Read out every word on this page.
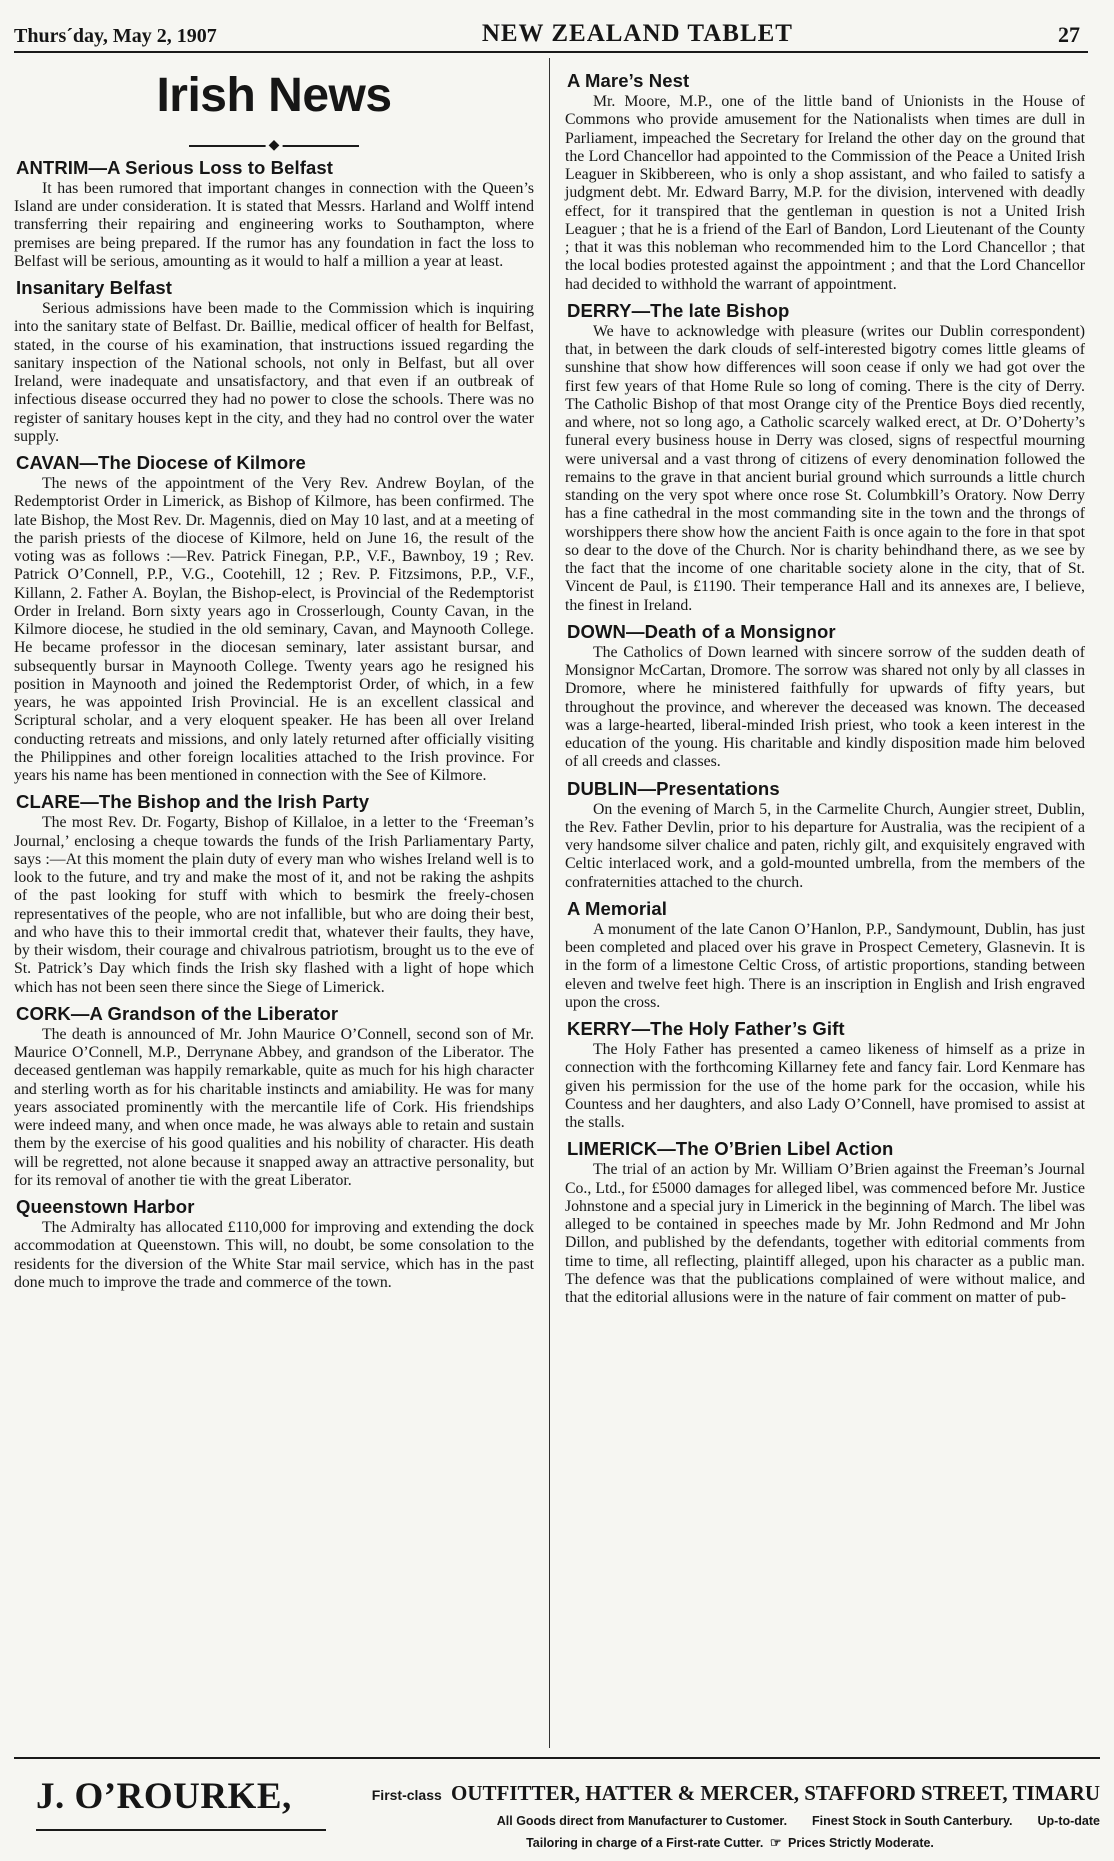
Thurs´day, May 2, 1907	NEW ZEALAND TABLET	27
Irish News
◆
ANTRIM—A Serious Loss to Belfast

It has been rumored that important changes in connection with the Queen’s Island are under consideration. It is stated that Messrs. Harland and Wolff intend transferring their repairing and engineering works to Southampton, where premises are being prepared. If the rumor has any foundation in fact the loss to Belfast will be serious, amounting as it would to half a million a year at least.

Insanitary Belfast

Serious admissions have been made to the Commission which is inquiring into the sanitary state of Belfast. Dr. Baillie, medical officer of health for Belfast, stated, in the course of his examination, that instructions issued regarding the sanitary inspection of the National schools, not only in Belfast, but all over Ireland, were inadequate and unsatisfactory, and that even if an outbreak of infectious disease occurred they had no power to close the schools. There was no register of sanitary houses kept in the city, and they had no control over the water supply.

CAVAN—The Diocese of Kilmore

The news of the appointment of the Very Rev. Andrew Boylan, of the Redemptorist Order in Limerick, as Bishop of Kilmore, has been confirmed. The late Bishop, the Most Rev. Dr. Magennis, died on May 10 last, and at a meeting of the parish priests of the diocese of Kilmore, held on June 16, the result of the voting was as follows :—Rev. Patrick Finegan, P.P., V.F., Bawnboy, 19 ; Rev. Patrick O’Connell, P.P., V.G., Cootehill, 12 ; Rev. P. Fitzsimons, P.P., V.F., Killann, 2. Father A. Boylan, the Bishop-elect, is Provincial of the Redemptorist Order in Ireland. Born sixty years ago in Crosserlough, County Cavan, in the Kilmore diocese, he studied in the old seminary, Cavan, and Maynooth College. He became professor in the diocesan seminary, later assistant bursar, and subsequently bursar in Maynooth College. Twenty years ago he resigned his position in Maynooth and joined the Redemptorist Order, of which, in a few years, he was appointed Irish Provincial. He is an excellent classical and Scriptural scholar, and a very eloquent speaker. He has been all over Ireland conducting retreats and missions, and only lately returned after officially visiting the Philippines and other foreign localities attached to the Irish province. For years his name has been mentioned in connection with the See of Kilmore.

CLARE—The Bishop and the Irish Party

The most Rev. Dr. Fogarty, Bishop of Killaloe, in a letter to the ‘Freeman’s Journal,’ enclosing a cheque towards the funds of the Irish Parliamentary Party, says :—At this moment the plain duty of every man who wishes Ireland well is to look to the future, and try and make the most of it, and not be raking the ashpits of the past looking for stuff with which to besmirk the freely-chosen representatives of the people, who are not infallible, but who are doing their best, and who have this to their immortal credit that, whatever their faults, they have, by their wisdom, their courage and chivalrous patriotism, brought us to the eve of St. Patrick’s Day which finds the Irish sky flashed with a light of hope which which has not been seen there since the Siege of Limerick.

CORK—A Grandson of the Liberator

The death is announced of Mr. John Maurice O’Connell, second son of Mr. Maurice O’Connell, M.P., Derrynane Abbey, and grandson of the Liberator. The deceased gentleman was happily remarkable, quite as much for his high character and sterling worth as for his charitable instincts and amiability. He was for many years associated prominently with the mercantile life of Cork. His friendships were indeed many, and when once made, he was always able to retain and sustain them by the exercise of his good qualities and his nobility of character. His death will be regretted, not alone because it snapped away an attractive personality, but for its removal of another tie with the great Liberator.

Queenstown Harbor

The Admiralty has allocated £110,000 for improving and extending the dock accommodation at Queenstown. This will, no doubt, be some consolation to the residents for the diversion of the White Star mail service, which has in the past done much to improve the trade and commerce of the town.

A Mare’s Nest

Mr. Moore, M.P., one of the little band of Unionists in the House of Commons who provide amusement for the Nationalists when times are dull in Parliament, impeached the Secretary for Ireland the other day on the ground that the Lord Chancellor had appointed to the Commission of the Peace a United Irish Leaguer in Skibbereen, who is only a shop assistant, and who failed to satisfy a judgment debt. Mr. Edward Barry, M.P. for the division, intervened with deadly effect, for it transpired that the gentleman in question is not a United Irish Leaguer ; that he is a friend of the Earl of Bandon, Lord Lieutenant of the County ; that it was this nobleman who recommended him to the Lord Chancellor ; that the local bodies protested against the appointment ; and that the Lord Chancellor had decided to withhold the warrant of appointment.

DERRY—The late Bishop

We have to acknowledge with pleasure (writes our Dublin correspondent) that, in between the dark clouds of self-interested bigotry comes little gleams of sunshine that show how differences will soon cease if only we had got over the first few years of that Home Rule so long of coming. There is the city of Derry. The Catholic Bishop of that most Orange city of the Prentice Boys died recently, and where, not so long ago, a Catholic scarcely walked erect, at Dr. O’Doherty’s funeral every business house in Derry was closed, signs of respectful mourning were universal and a vast throng of citizens of every denomination followed the remains to the grave in that ancient burial ground which surrounds a little church standing on the very spot where once rose St. Columbkill’s Oratory. Now Derry has a fine cathedral in the most commanding site in the town and the throngs of worshippers there show how the ancient Faith is once again to the fore in that spot so dear to the dove of the Church. Nor is charity behindhand there, as we see by the fact that the income of one charitable society alone in the city, that of St. Vincent de Paul, is £1190. Their temperance Hall and its annexes are, I believe, the finest in Ireland.

DOWN—Death of a Monsignor

The Catholics of Down learned with sincere sorrow of the sudden death of Monsignor McCartan, Dromore. The sorrow was shared not only by all classes in Dromore, where he ministered faithfully for upwards of fifty years, but throughout the province, and wherever the deceased was known. The deceased was a large-hearted, liberal-minded Irish priest, who took a keen interest in the education of the young. His charitable and kindly disposition made him beloved of all creeds and classes.

DUBLIN—Presentations

On the evening of March 5, in the Carmelite Church, Aungier street, Dublin, the Rev. Father Devlin, prior to his departure for Australia, was the recipient of a very handsome silver chalice and paten, richly gilt, and exquisitely engraved with Celtic interlaced work, and a gold-mounted umbrella, from the members of the confraternities attached to the church.

A Memorial

A monument of the late Canon O’Hanlon, P.P., Sandymount, Dublin, has just been completed and placed over his grave in Prospect Cemetery, Glasnevin. It is in the form of a limestone Celtic Cross, of artistic proportions, standing between eleven and twelve feet high. There is an inscription in English and Irish engraved upon the cross.

KERRY—The Holy Father’s Gift

The Holy Father has presented a cameo likeness of himself as a prize in connection with the forthcoming Killarney fete and fancy fair. Lord Kenmare has given his permission for the use of the home park for the occasion, while his Countess and her daughters, and also Lady O’Connell, have promised to assist at the stalls.

LIMERICK—The O’Brien Libel Action

The trial of an action by Mr. William O’Brien against the Freeman’s Journal Co., Ltd., for £5000 damages for alleged libel, was commenced before Mr. Justice Johnstone and a special jury in Limerick in the beginning of March. The libel was alleged to be contained in speeches made by Mr. John Redmond and Mr John Dillon, and published by the defendants, together with editorial comments from time to time, all reflecting, plaintiff alleged, upon his character as a public man. The defence was that the publications complained of were without malice, and that the editorial allusions were in the nature of fair comment on matter of pub-

J. O’ROURKE,	First-class OUTFITTER, HATTER & MERCER, STAFFORD STREET, TIMARU
All Goods direct from Manufacturer to Customer. Finest Stock in South Canterbury. Up-to-date
Tailoring in charge of a First-rate Cutter. ☞ Prices Strictly Moderate.
